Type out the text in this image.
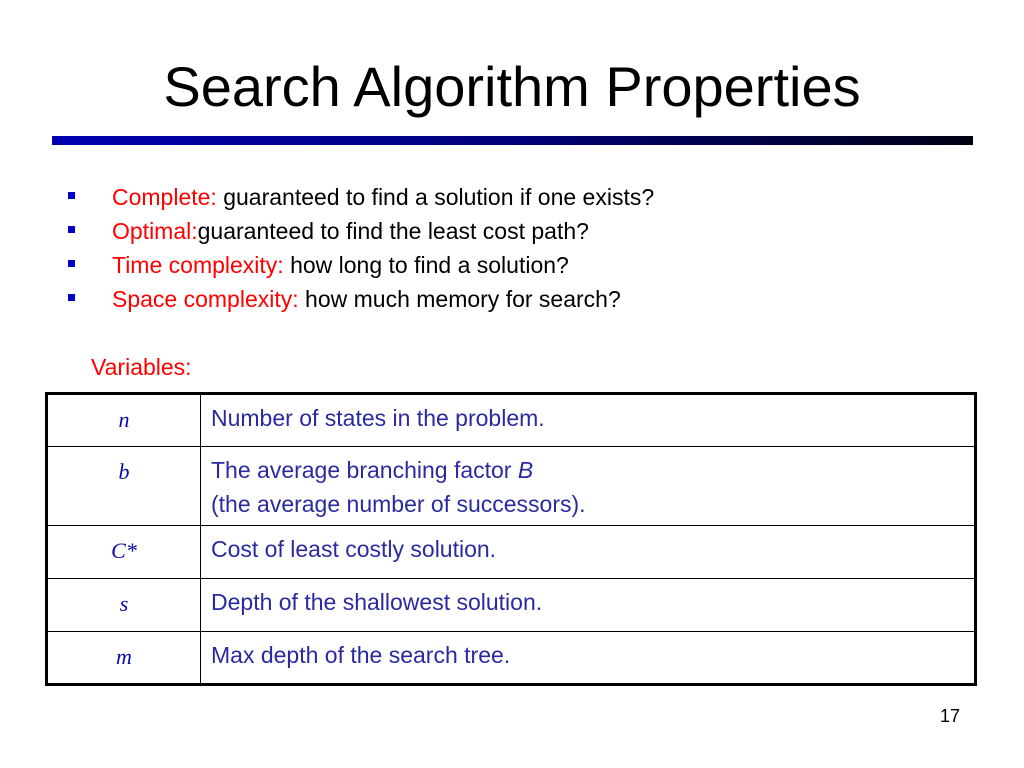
Search Algorithm Properties
Complete: guaranteed to find a solution if one exists?
Optimal:guaranteed to find the least cost path?
Time complexity: how long to find a solution?
Space complexity: how much memory for search?
Variables:
n	Number of states in the problem.
b	The average branching factor B
(the average number of successors).
C*	Cost of least costly solution.
s	Depth of the shallowest solution.
m	Max depth of the search tree.
17
